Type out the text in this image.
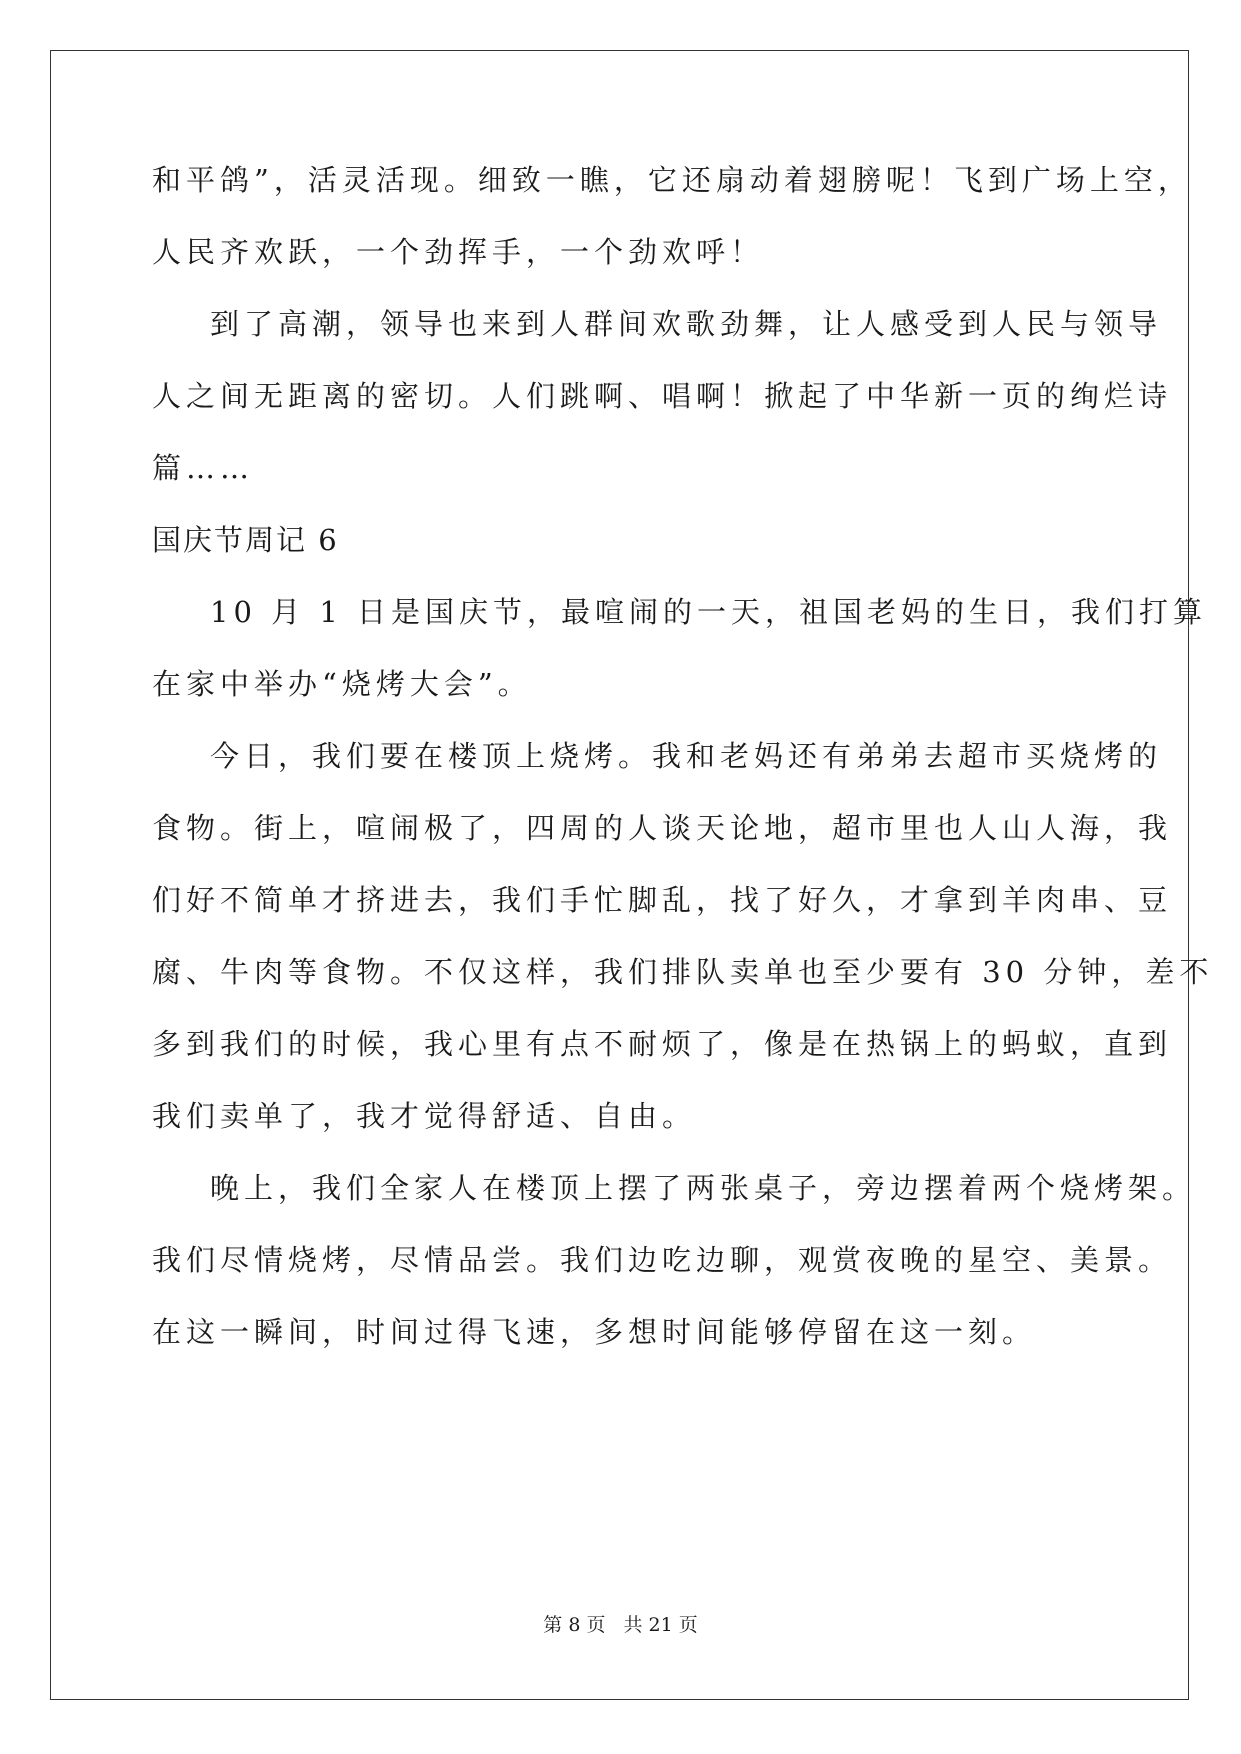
和平鸽”，活灵活现。细致一瞧，它还扇动着翅膀呢！飞到广场上空，
人民齐欢跃，一个劲挥手，一个劲欢呼！
到了高潮，领导也来到人群间欢歌劲舞，让人感受到人民与领导
人之间无距离的密切。人们跳啊、唱啊！掀起了中华新一页的绚烂诗
篇……
国庆节周记 6
10 月 1 日是国庆节，最喧闹的一天，祖国老妈的生日，我们打算
在家中举办“烧烤大会”。
今日，我们要在楼顶上烧烤。我和老妈还有弟弟去超市买烧烤的
食物。街上，喧闹极了，四周的人谈天论地，超市里也人山人海，我
们好不简单才挤进去，我们手忙脚乱，找了好久，才拿到羊肉串、豆
腐、牛肉等食物。不仅这样，我们排队卖单也至少要有 30 分钟，差不
多到我们的时候，我心里有点不耐烦了，像是在热锅上的蚂蚁，直到
我们卖单了，我才觉得舒适、自由。
晚上，我们全家人在楼顶上摆了两张桌子，旁边摆着两个烧烤架。
我们尽情烧烤，尽情品尝。我们边吃边聊，观赏夜晚的星空、美景。
在这一瞬间，时间过得飞速，多想时间能够停留在这一刻。
第 8 页 共 21 页
